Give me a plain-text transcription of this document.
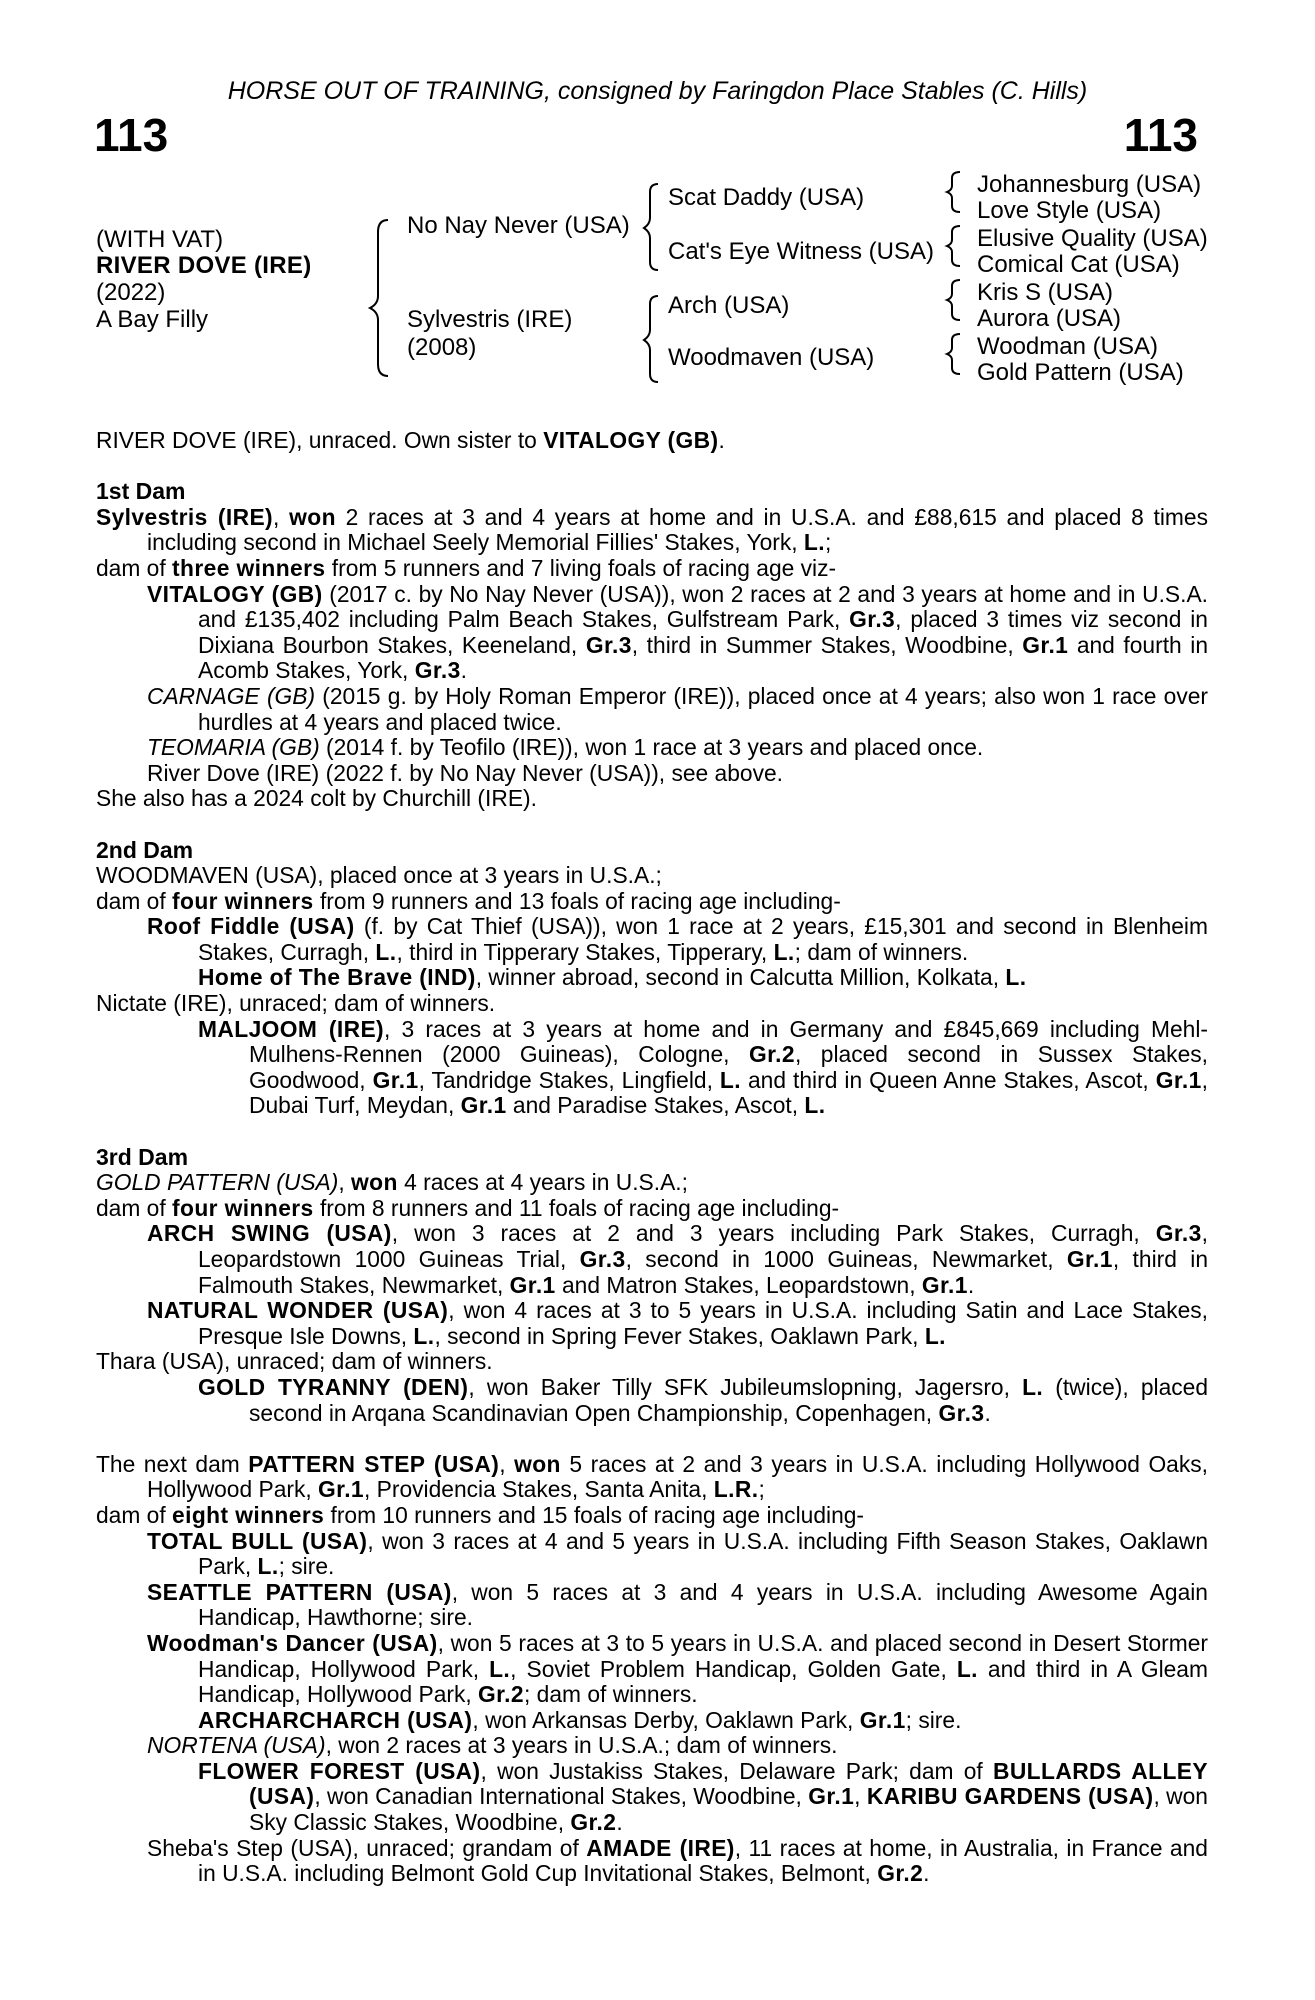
HORSE OUT OF TRAINING, consigned by Faringdon Place Stables (C. Hills)
113	113
(WITH VAT)
RIVER DOVE (IRE)
(2022)
A Bay Filly
No Nay Never (USA)
Sylvestris (IRE)
(2008)
Scat Daddy (USA)
Cat's Eye Witness (USA)
Arch (USA)
Woodmaven (USA)
Johannesburg (USA)
Love Style (USA)
Elusive Quality (USA)
Comical Cat (USA)
Kris S (USA)
Aurora (USA)
Woodman (USA)
Gold Pattern (USA)

RIVER DOVE (IRE), unraced. Own sister to VITALOGY (GB).

1st Dam

Sylvestris (IRE), won 2 races at 3 and 4 years at home and in U.S.A. and £88,615 and placed 8 times including second in Michael Seely Memorial Fillies' Stakes, York, L.;

dam of three winners from 5 runners and 7 living foals of racing age viz-

VITALOGY (GB) (2017 c. by No Nay Never (USA)), won 2 races at 2 and 3 years at home and in U.S.A. and £135,402 including Palm Beach Stakes, Gulfstream Park, Gr.3, placed 3 times viz second in Dixiana Bourbon Stakes, Keeneland, Gr.3, third in Summer Stakes, Woodbine, Gr.1 and fourth in Acomb Stakes, York, Gr.3.

CARNAGE (GB) (2015 g. by Holy Roman Emperor (IRE)), placed once at 4 years; also won 1 race over hurdles at 4 years and placed twice.

TEOMARIA (GB) (2014 f. by Teofilo (IRE)), won 1 race at 3 years and placed once.

River Dove (IRE) (2022 f. by No Nay Never (USA)), see above.

She also has a 2024 colt by Churchill (IRE).

2nd Dam

WOODMAVEN (USA), placed once at 3 years in U.S.A.;

dam of four winners from 9 runners and 13 foals of racing age including-

Roof Fiddle (USA) (f. by Cat Thief (USA)), won 1 race at 2 years, £15,301 and second in Blenheim Stakes, Curragh, L., third in Tipperary Stakes, Tipperary, L.; dam of winners.

Home of The Brave (IND), winner abroad, second in Calcutta Million, Kolkata, L.

Nictate (IRE), unraced; dam of winners.

MALJOOM (IRE), 3 races at 3 years at home and in Germany and £845,669 including Mehl-Mulhens-Rennen (2000 Guineas), Cologne, Gr.2, placed second in Sussex Stakes, Goodwood, Gr.1, Tandridge Stakes, Lingfield, L. and third in Queen Anne Stakes, Ascot, Gr.1, Dubai Turf, Meydan, Gr.1 and Paradise Stakes, Ascot, L.

3rd Dam

GOLD PATTERN (USA), won 4 races at 4 years in U.S.A.;

dam of four winners from 8 runners and 11 foals of racing age including-

ARCH SWING (USA), won 3 races at 2 and 3 years including Park Stakes, Curragh, Gr.3, Leopardstown 1000 Guineas Trial, Gr.3, second in 1000 Guineas, Newmarket, Gr.1, third in Falmouth Stakes, Newmarket, Gr.1 and Matron Stakes, Leopardstown, Gr.1.

NATURAL WONDER (USA), won 4 races at 3 to 5 years in U.S.A. including Satin and Lace Stakes, Presque Isle Downs, L., second in Spring Fever Stakes, Oaklawn Park, L.

Thara (USA), unraced; dam of winners.

GOLD TYRANNY (DEN), won Baker Tilly SFK Jubileumslopning, Jagersro, L. (twice), placed second in Arqana Scandinavian Open Championship, Copenhagen, Gr.3.

The next dam PATTERN STEP (USA), won 5 races at 2 and 3 years in U.S.A. including Hollywood Oaks, Hollywood Park, Gr.1, Providencia Stakes, Santa Anita, L.R.;

dam of eight winners from 10 runners and 15 foals of racing age including-

TOTAL BULL (USA), won 3 races at 4 and 5 years in U.S.A. including Fifth Season Stakes, Oaklawn Park, L.; sire.

SEATTLE PATTERN (USA), won 5 races at 3 and 4 years in U.S.A. including Awesome Again Handicap, Hawthorne; sire.

Woodman's Dancer (USA), won 5 races at 3 to 5 years in U.S.A. and placed second in Desert Stormer Handicap, Hollywood Park, L., Soviet Problem Handicap, Golden Gate, L. and third in A Gleam Handicap, Hollywood Park, Gr.2; dam of winners.

ARCHARCHARCH (USA), won Arkansas Derby, Oaklawn Park, Gr.1; sire.

NORTENA (USA), won 2 races at 3 years in U.S.A.; dam of winners.

FLOWER FOREST (USA), won Justakiss Stakes, Delaware Park; dam of BULLARDS ALLEY (USA), won Canadian International Stakes, Woodbine, Gr.1, KARIBU GARDENS (USA), won Sky Classic Stakes, Woodbine, Gr.2.

Sheba's Step (USA), unraced; grandam of AMADE (IRE), 11 races at home, in Australia, in France and in U.S.A. including Belmont Gold Cup Invitational Stakes, Belmont, Gr.2.
